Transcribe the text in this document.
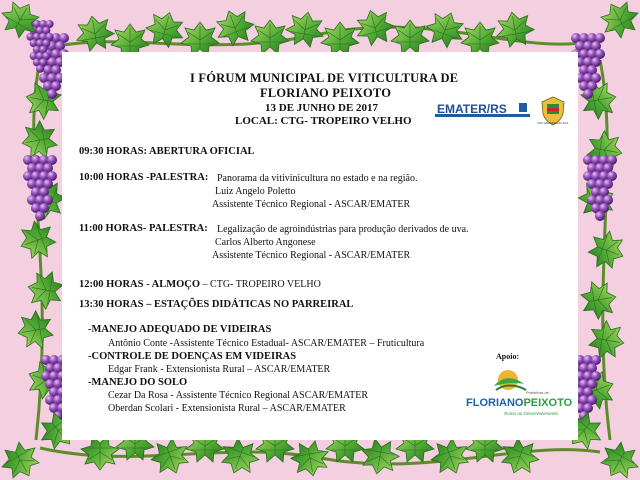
I FÓRUM MUNICIPAL DE VITICULTURA DE
FLORIANO PEIXOTO
13 DE JUNHO DE 2017
LOCAL: CTG- TROPEIRO VELHO
EMATER/RS
RIO GRANDE DO SUL
09:30 HORAS: ABERTURA OFICIAL
10:00 HORAS -PALESTRA: Panorama da vitivinicultura no estado e na região.
Luiz Angelo Poletto
Assistente Técnico Regional - ASCAR/EMATER
11:00 HORAS- PALESTRA: Legalização de agroindústrias para produção derivados de uva.
Carlos Alberto Angonese
Assistente Técnico Regional - ASCAR/EMATER
12:00 HORAS - ALMOÇO – CTG- TROPEIRO VELHO
13:30 HORAS – ESTAÇÕES DIDÁTICAS NO PARREIRAL
-MANEJO ADEQUADO DE VIDEIRAS
Antônio Conte -Assistente Técnico Estadual- ASCAR/EMATER – Fruticultura
-CONTROLE DE DOENÇAS EM VIDEIRAS
Edgar Frank - Extensionista Rural – ASCAR/EMATER
-MANEJO DO SOLO
Cezar Da Rosa - Assistente Técnico Regional ASCAR/EMATER
Oberdan Scolari - Extensionista Rural – ASCAR/EMATER
Apoio:
Prefeitura de
FLORIANOPEIXOTO
Rumo ao Desenvolvimento
